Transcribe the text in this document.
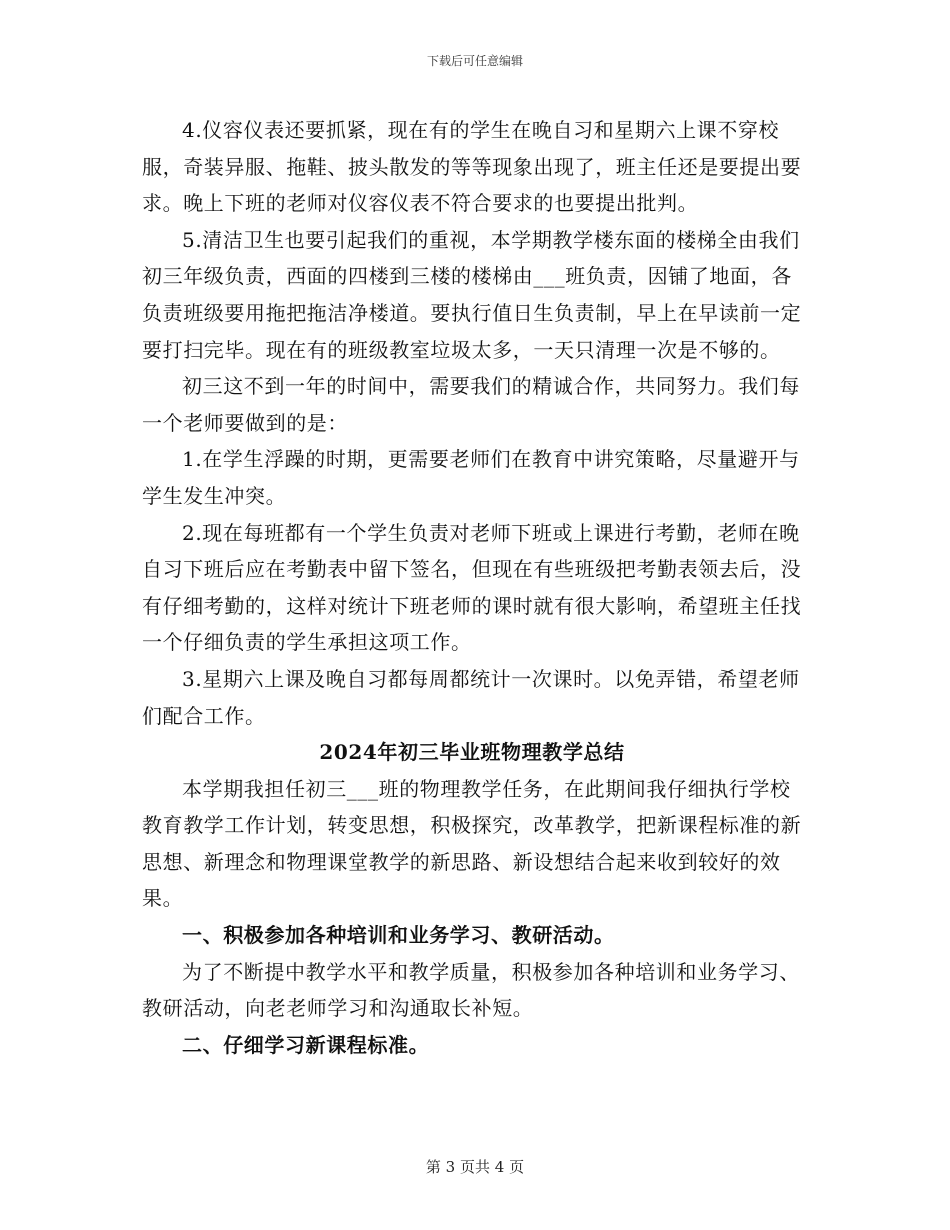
下载后可任意编辑

4.仪容仪表还要抓紧，现在有的学生在晚自习和星期六上课不穿校服，奇装异服、拖鞋、披头散发的等等现象出现了，班主任还是要提出要求。晚上下班的老师对仪容仪表不符合要求的也要提出批判。

5.清洁卫生也要引起我们的重视，本学期教学楼东面的楼梯全由我们初三年级负责，西面的四楼到三楼的楼梯由___班负责，因铺了地面，各负责班级要用拖把拖洁净楼道。要执行值日生负责制，早上在早读前一定要打扫完毕。现在有的班级教室垃圾太多，一天只清理一次是不够的。

初三这不到一年的时间中，需要我们的精诚合作，共同努力。我们每一个老师要做到的是：

1.在学生浮躁的时期，更需要老师们在教育中讲究策略，尽量避开与学生发生冲突。

2.现在每班都有一个学生负责对老师下班或上课进行考勤，老师在晚自习下班后应在考勤表中留下签名，但现在有些班级把考勤表领去后，没有仔细考勤的，这样对统计下班老师的课时就有很大影响，希望班主任找一个仔细负责的学生承担这项工作。

3.星期六上课及晚自习都每周都统计一次课时。以免弄错，希望老师们配合工作。

2024年初三毕业班物理教学总结

本学期我担任初三___班的物理教学任务，在此期间我仔细执行学校教育教学工作计划，转变思想，积极探究，改革教学，把新课程标准的新思想、新理念和物理课堂教学的新思路、新设想结合起来收到较好的效果。

一、积极参加各种培训和业务学习、教研活动。

为了不断提中教学水平和教学质量，积极参加各种培训和业务学习、教研活动，向老老师学习和沟通取长补短。

二、仔细学习新课程标准。

第 3 页共 4 页
